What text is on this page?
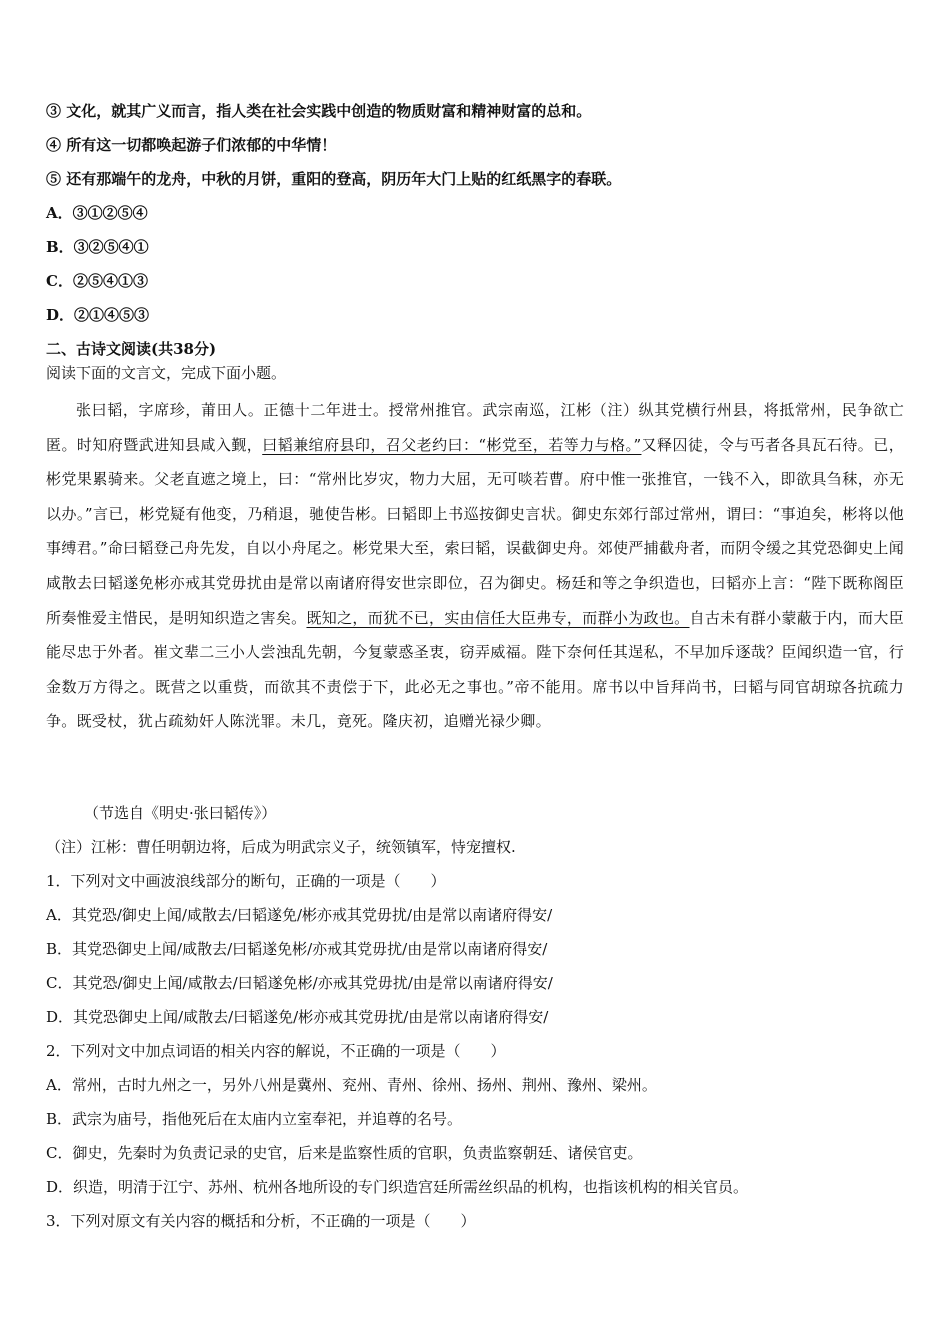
③ 文化，就其广义而言，指人类在社会实践中创造的物质财富和精神财富的总和。
④ 所有这一切都唤起游子们浓郁的中华情！
⑤ 还有那端午的龙舟，中秋的月饼，重阳的登高，阴历年大门上贴的红纸黑字的春联。
A．③①②⑤④
B．③②⑤④①
C．②⑤④①③
D．②①④⑤③
二、古诗文阅读(共38分)
阅读下面的文言文，完成下面小题。
张曰韬，字席珍，莆田人。正德十二年进士。授常州推官。武宗南巡，江彬（注）纵其党横行州县，将抵常州，民争欲亡匿。时知府暨武进知县咸入觐，曰韬兼绾府县印，召父老约曰：“彬党至，若等力与格。”又释囚徒，令与丐者各具瓦石待。已，彬党果累骑来。父老直遮之境上，曰：“常州比岁灾，物力大屈，无可啖若曹。府中惟一张推官，一钱不入，即欲具刍秣，亦无以办。”言已，彬党疑有他变，乃稍退，驰使告彬。曰韬即上书巡按御史言状。御史东郊行部过常州，谓曰：“事迫矣，彬将以他事缚君。”命曰韬登己舟先发，自以小舟尾之。彬党果大至，索曰韬，误截御史舟。郊使严捕截舟者，而阴令缓之其党恐御史上闻咸散去曰韬遂免彬亦戒其党毋扰由是常以南诸府得安世宗即位，召为御史。杨廷和等之争织造也，曰韬亦上言：“陛下既称阁臣所奏惟爱主惜民，是明知织造之害矣。既知之，而犹不已，实由信任大臣弗专，而群小为政也。自古未有群小蒙蔽于内，而大臣能尽忠于外者。崔文辈二三小人尝浊乱先朝，今复蒙惑圣衷，窃弄威福。陛下奈何任其逞私，不早加斥逐哉？臣闻织造一官，行金数万方得之。既营之以重赀，而欲其不责偿于下，此必无之事也。”帝不能用。席书以中旨拜尚书，曰韬与同官胡琼各抗疏力争。既受杖，犹占疏劾奸人陈洸罪。未几，竟死。隆庆初，追赠光禄少卿。
（节选自《明史·张曰韬传》）
（注）江彬：曹任明朝边将，后成为明武宗义子，统领镇军，恃宠擅权.
1．下列对文中画波浪线部分的断句，正确的一项是（　　）
A．其党恐/御史上闻/咸散去/曰韬遂免/彬亦戒其党毋扰/由是常以南诸府得安/
B．其党恐御史上闻/咸散去/曰韬遂免彬/亦戒其党毋扰/由是常以南诸府得安/
C．其党恐/御史上闻/咸散去/曰韬遂免彬/亦戒其党毋扰/由是常以南诸府得安/
D．其党恐御史上闻/咸散去/曰韬遂免/彬亦戒其党毋扰/由是常以南诸府得安/
2．下列对文中加点词语的相关内容的解说，不正确的一项是（　　）
A．常州，古时九州之一，另外八州是冀州、兖州、青州、徐州、扬州、荆州、豫州、梁州。
B．武宗为庙号，指他死后在太庙内立室奉祀，并追尊的名号。
C．御史，先秦时为负责记录的史官，后来是监察性质的官职，负责监察朝廷、诸侯官吏。
D．织造，明清于江宁、苏州、杭州各地所设的专门织造宫廷所需丝织品的机构，也指该机构的相关官员。
3．下列对原文有关内容的概括和分析，不正确的一项是（　　）
